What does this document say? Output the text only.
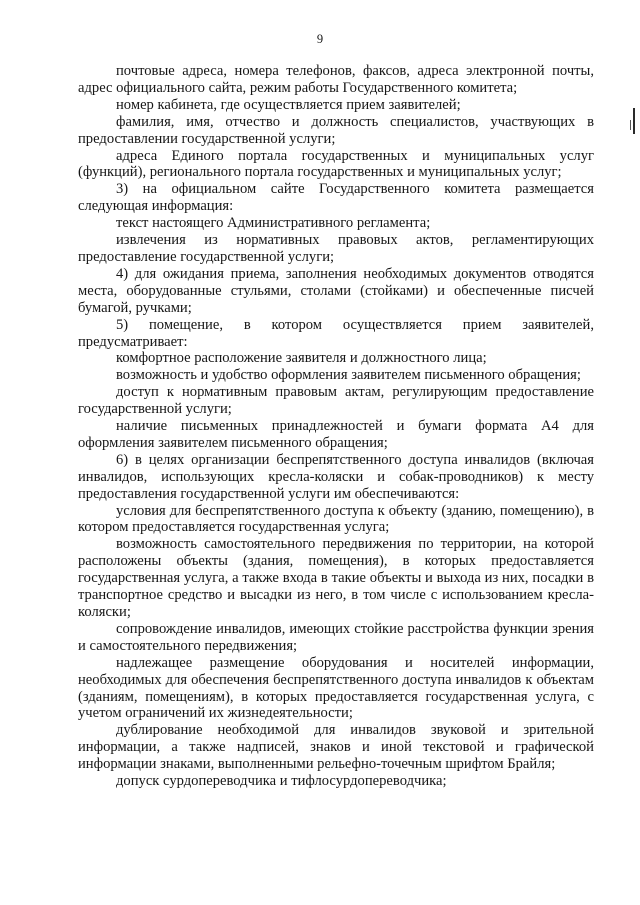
9

почтовые адреса, номера телефонов, факсов, адреса электронной почты, адрес официального сайта, режим работы Государственного комитета;

номер кабинета, где осуществляется прием заявителей;

фамилия, имя, отчество и должность специалистов, участвующих в предоставлении государственной услуги;

адреса Единого портала государственных и муниципальных услуг (функций), регионального портала государственных и муниципальных услуг;

3) на официальном сайте Государственного комитета размещается следующая информация:

текст настоящего Административного регламента;

извлечения из нормативных правовых актов, регламентирующих предоставление государственной услуги;

4) для ожидания приема, заполнения необходимых документов отводятся места, оборудованные стульями, столами (стойками) и обеспеченные писчей бумагой, ручками;

5) помещение, в котором осуществляется прием заявителей, предусматривает:

комфортное расположение заявителя и должностного лица;

возможность и удобство оформления заявителем письменного обращения;

доступ к нормативным правовым актам, регулирующим предоставление государственной услуги;

наличие письменных принадлежностей и бумаги формата А4 для оформления заявителем письменного обращения;

6) в целях организации беспрепятственного доступа инвалидов (включая инвалидов, использующих кресла-коляски и собак-проводников) к месту предоставления государственной услуги им обеспечиваются:

условия для беспрепятственного доступа к объекту (зданию, помещению), в котором предоставляется государственная услуга;

возможность самостоятельного передвижения по территории, на которой расположены объекты (здания, помещения), в которых предоставляется государственная услуга, а также входа в такие объекты и выхода из них, посадки в транспортное средство и высадки из него, в том числе с использованием кресла-коляски;

сопровождение инвалидов, имеющих стойкие расстройства функции зрения и самостоятельного передвижения;

надлежащее размещение оборудования и носителей информации, необходимых для обеспечения беспрепятственного доступа инвалидов к объектам (зданиям, помещениям), в которых предоставляется государственная услуга, с учетом ограничений их жизнедеятельности;

дублирование необходимой для инвалидов звуковой и зрительной информации, а также надписей, знаков и иной текстовой и графической информации знаками, выполненными рельефно-точечным шрифтом Брайля;

допуск сурдопереводчика и тифлосурдопереводчика;
